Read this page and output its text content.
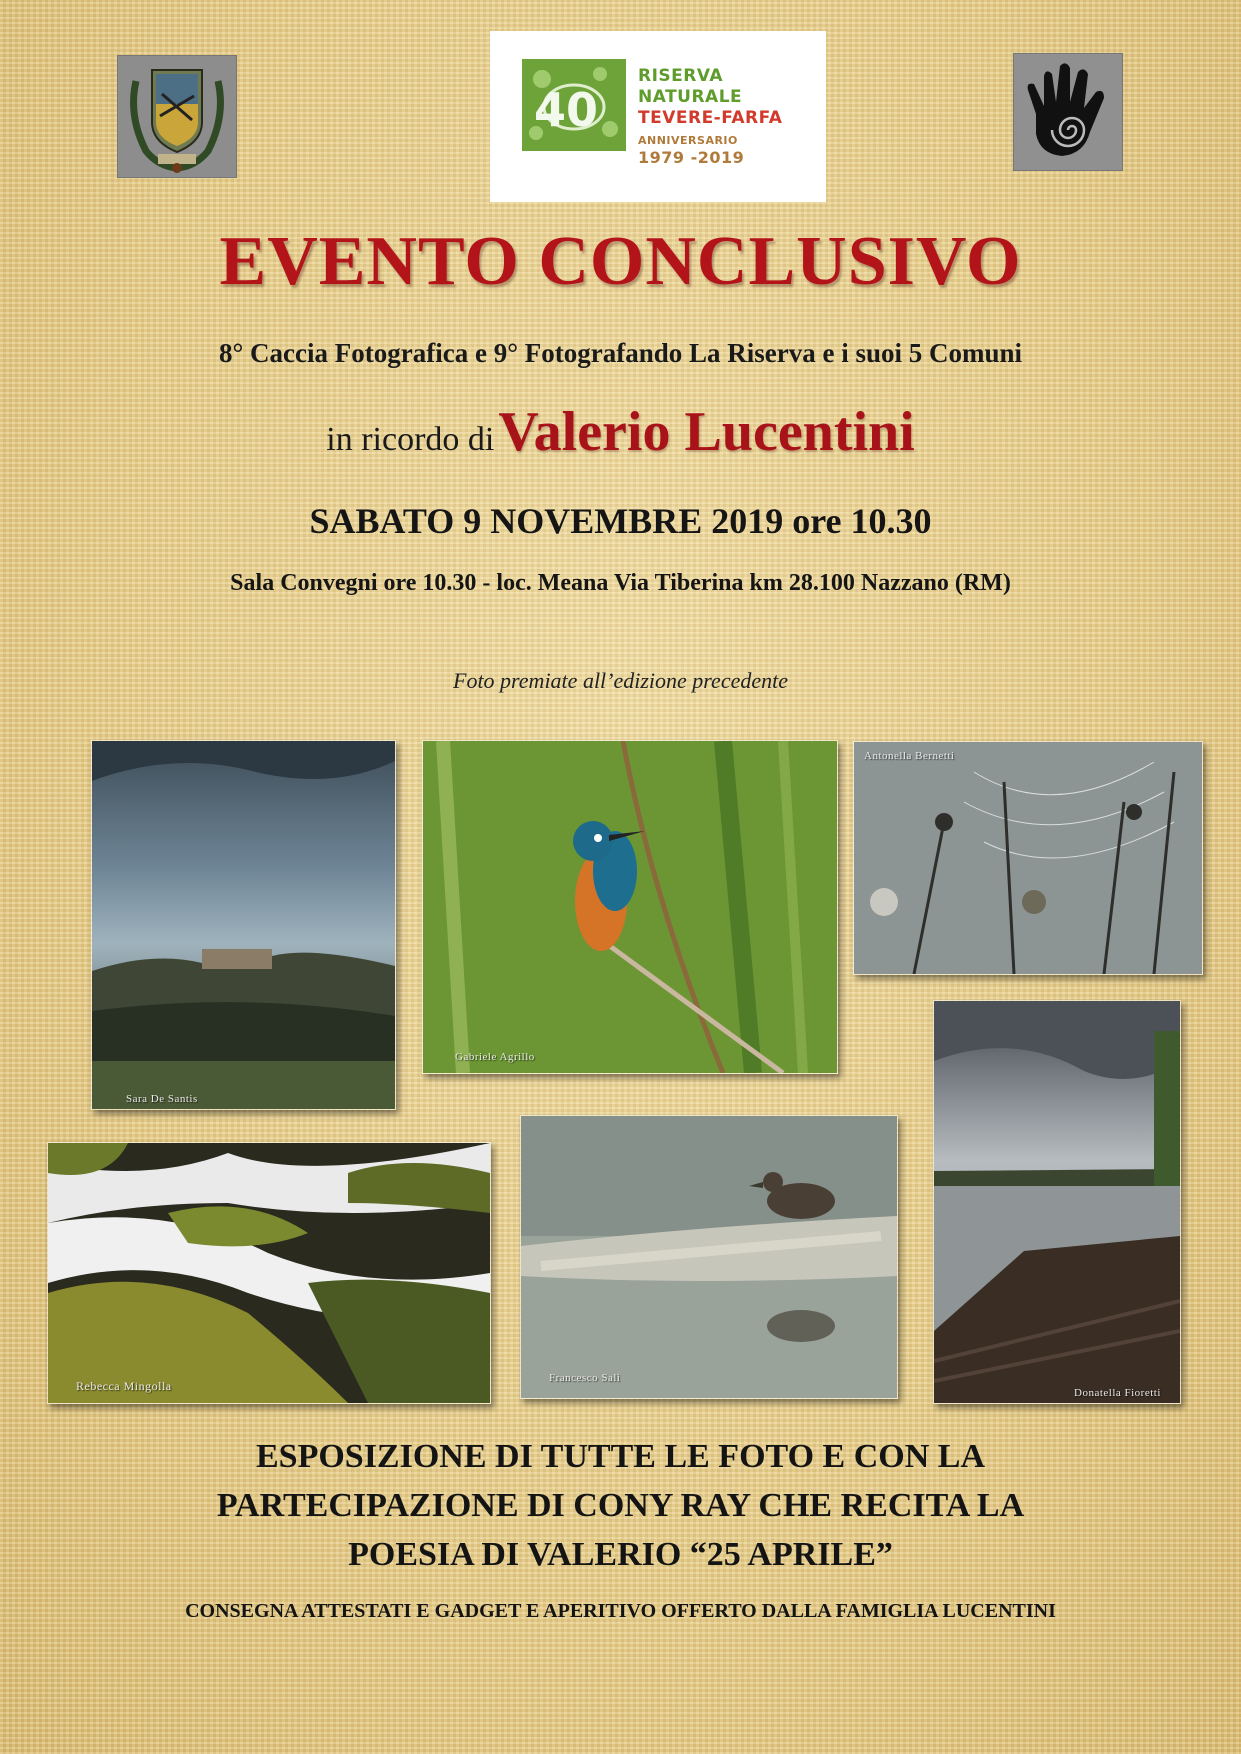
40
RISERVA
NATURALE
TEVERE-FARFA
ANNIVERSARIO
1979 -2019
EVENTO CONCLUSIVO
8° Caccia Fotografica e 9° Fotografando La Riserva e i suoi 5 Comuni
in ricordo di Valerio Lucentini
SABATO 9 NOVEMBRE 2019 ore 10.30
Sala Convegni ore 10.30 - loc. Meana Via Tiberina km 28.100 Nazzano (RM)
Foto premiate all’edizione precedente
Sara De Santis
Gabriele Agrillo
Antonella Bernetti
Donatella Fioretti
Rebecca Mingolla
Francesco Sali
ESPOSIZIONE DI TUTTE LE FOTO E CON LA
PARTECIPAZIONE DI CONY RAY CHE RECITA LA
POESIA DI VALERIO “25 APRILE”
CONSEGNA ATTESTATI E GADGET E APERITIVO OFFERTO DALLA FAMIGLIA LUCENTINI
